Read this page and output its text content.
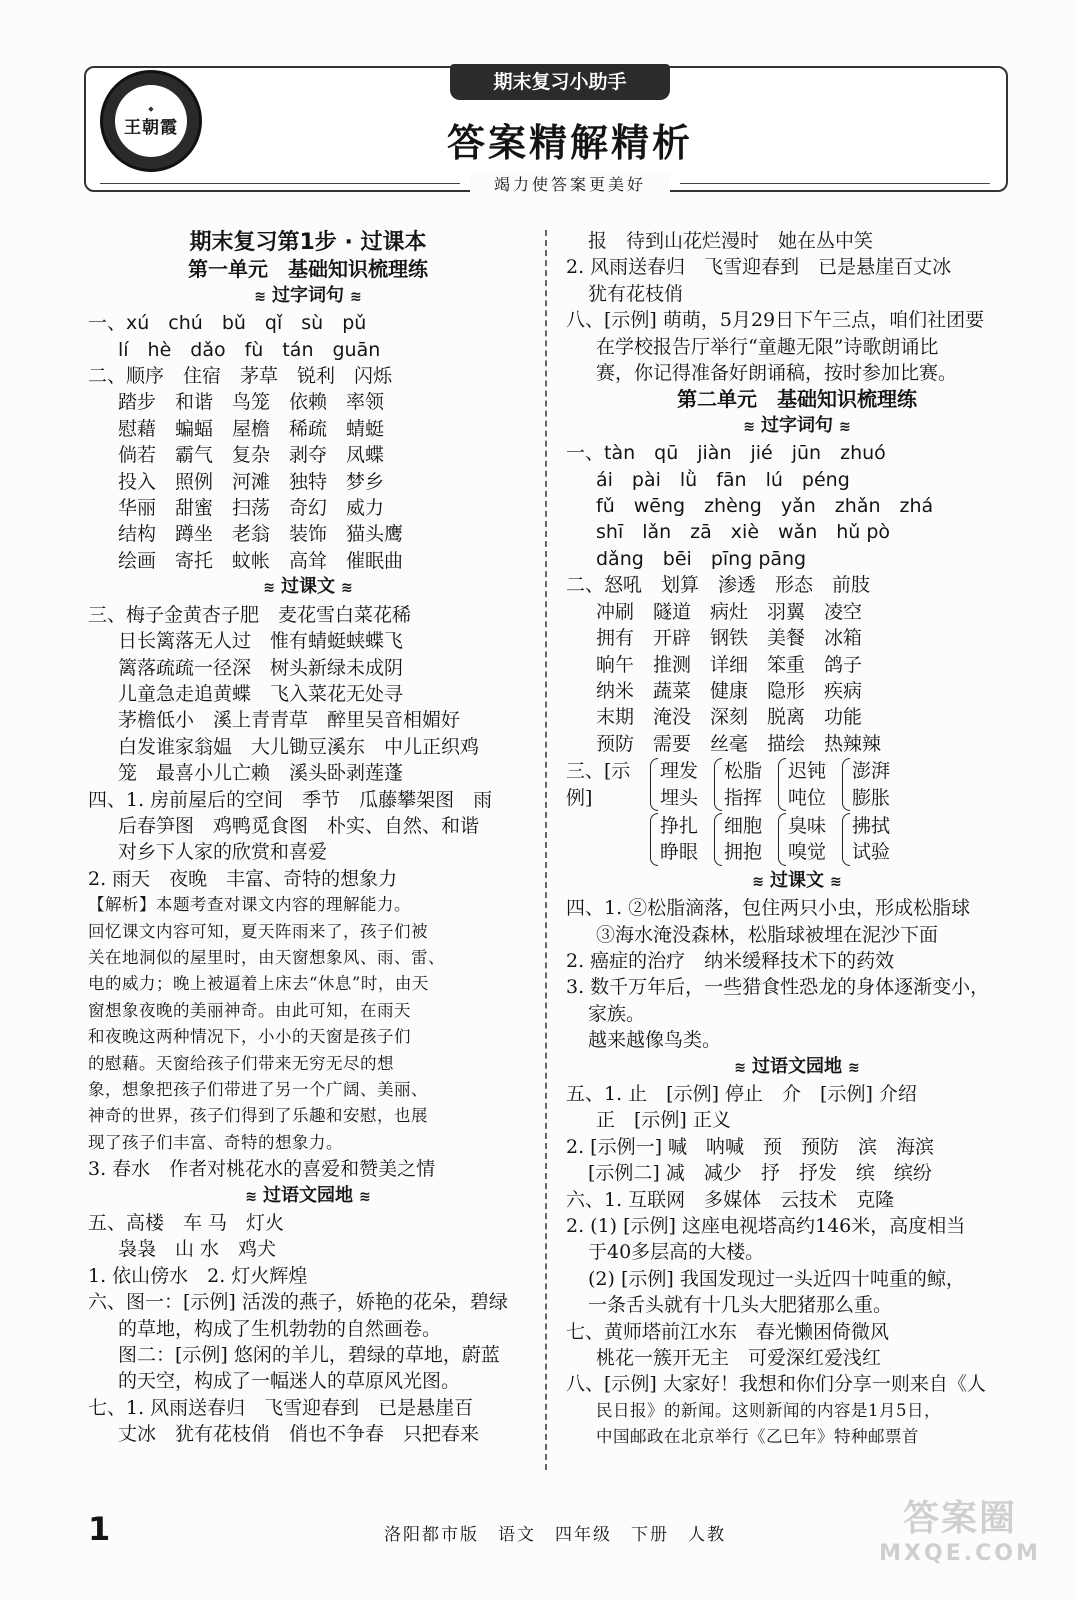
◆
王朝霞
期末复习小助手
答案精解精析
竭力使答案更美好
期末复习第1步 · 过课本
第一单元　基础知识梳理练
≋ 过字词句 ≋
一、xú　chú　bǔ　qǐ　sù　pǔ
lí　hè　dǎo　fù　tán　guān
二、顺序　住宿　茅草　锐利　闪烁
踏步　和谐　鸟笼　依赖　率领
慰藉　蝙蝠　屋檐　稀疏　蜻蜓
倘若　霸气　复杂　剥夺　凤蝶
投入　照例　河滩　独特　梦乡
华丽　甜蜜　扫荡　奇幻　威力
结构　蹲坐　老翁　装饰　猫头鹰
绘画　寄托　蚊帐　高耸　催眠曲
≋ 过课文 ≋
三、梅子金黄杏子肥　麦花雪白菜花稀
日长篱落无人过　惟有蜻蜓蛱蝶飞
篱落疏疏一径深　树头新绿未成阴
儿童急走追黄蝶　飞入菜花无处寻
茅檐低小　溪上青青草　醉里吴音相媚好
白发谁家翁媪　大儿锄豆溪东　中儿正织鸡
笼　最喜小儿亡赖　溪头卧剥莲蓬
四、1. 房前屋后的空间　季节　瓜藤攀架图　雨
后春笋图　鸡鸭觅食图　朴实、自然、和谐
对乡下人家的欣赏和喜爱
2. 雨天　夜晚　丰富、奇特的想象力
【解析】本题考查对课文内容的理解能力。
回忆课文内容可知，夏天阵雨来了，孩子们被
关在地洞似的屋里时，由天窗想象风、雨、雷、
电的威力；晚上被逼着上床去“休息”时，由天
窗想象夜晚的美丽神奇。由此可知，在雨天
和夜晚这两种情况下，小小的天窗是孩子们
的慰藉。天窗给孩子们带来无穷无尽的想
象，想象把孩子们带进了另一个广阔、美丽、
神奇的世界，孩子们得到了乐趣和安慰，也展
现了孩子们丰富、奇特的想象力。
3. 春水　作者对桃花水的喜爱和赞美之情
≋ 过语文园地 ≋
五、高楼　车 马　灯火
袅袅　山 水　鸡犬
1. 依山傍水　2. 灯火辉煌
六、图一：[示例] 活泼的燕子，娇艳的花朵，碧绿
的草地，构成了生机勃勃的自然画卷。
图二：[示例] 悠闲的羊儿，碧绿的草地，蔚蓝
的天空，构成了一幅迷人的草原风光图。
七、1. 风雨送春归　飞雪迎春到　已是悬崖百
丈冰　犹有花枝俏　俏也不争春　只把春来
报　待到山花烂漫时　她在丛中笑
2. 风雨送春归　飞雪迎春到　已是悬崖百丈冰
犹有花枝俏
八、[示例] 萌萌，5月29日下午三点，咱们社团要
在学校报告厅举行“童趣无限”诗歌朗诵比
赛，你记得准备好朗诵稿，按时参加比赛。
第二单元　基础知识梳理练
≋ 过字词句 ≋
一、tàn　qū　jiàn　jié　jūn　zhuó
ái　pài　lǜ　fān　lú　péng
fǔ　wēng　zhèng　yǎn　zhǎn　zhá
shī　lǎn　zā　xiè　wǎn　hǔ pò
dǎng　bēi　pīng pāng
二、怒吼　划算　渗透　形态　前肢
冲刷　隧道　病灶　羽翼　凌空
拥有　开辟　钢铁　美餐　冰箱
晌午　推测　详细　笨重　鸽子
纳米　蔬菜　健康　隐形　疾病
末期　淹没　深刻　脱离　功能
预防　需要　丝毫　描绘　热辣辣
三、[示例]
理发
埋头
松脂
指挥
迟钝
吨位
澎湃
膨胀
挣扎
睁眼
细胞
拥抱
臭味
嗅觉
拂拭
试验
≋ 过课文 ≋
四、1. ②松脂滴落，包住两只小虫，形成松脂球
③海水淹没森林，松脂球被埋在泥沙下面
2. 癌症的治疗　纳米缓释技术下的药效
3. 数千万年后，一些猎食性恐龙的身体逐渐变小，
家族。
越来越像鸟类。
≋ 过语文园地 ≋
五、1. 止　[示例] 停止　介　[示例] 介绍
正　[示例] 正义
2. [示例一] 喊　呐喊　预　预防　滨　海滨
[示例二] 减　减少　抒　抒发　缤　缤纷
六、1. 互联网　多媒体　云技术　克隆
2. (1) [示例] 这座电视塔高约146米，高度相当
于40多层高的大楼。
(2) [示例] 我国发现过一头近四十吨重的鲸，
一条舌头就有十几头大肥猪那么重。
七、黄师塔前江水东　春光懒困倚微风
桃花一簇开无主　可爱深红爱浅红
八、[示例] 大家好！我想和你们分享一则来自《人
民日报》的新闻。这则新闻的内容是1月5日，
中国邮政在北京举行《乙巳年》特种邮票首
1	洛阳都市版　语文　四年级　下册　人教	答案圈
MXQE.COM
